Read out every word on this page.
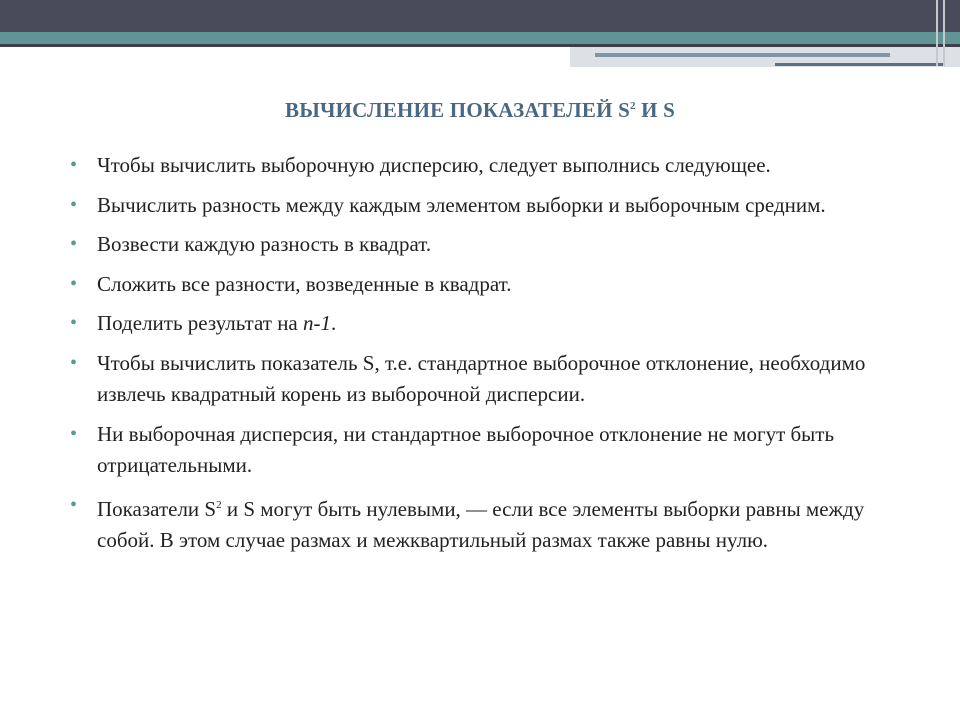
ВЫЧИСЛЕНИЕ ПОКАЗАТЕЛЕЙ $S^2$ И S
• Чтобы вычислить выборочную дисперсию, следует выполнись следующее.
• Вычислить разность между каждым элементом выборки и выборочным средним.
• Возвести каждую разность в квадрат.
• Сложить все разности, возведенные в квадрат.
• Поделить результат на n-1.
• Чтобы вычислить показатель S, т.е. стандартное выборочное отклонение, необходимо извлечь квадратный корень из выборочной дисперсии.
• Ни выборочная дисперсия, ни стандартное выборочное отклонение не могут быть отрицательными.
• Показатели $S^2$ и S могут быть нулевыми, — если все элементы выборки равны между собой. В этом случае размах и межквартильный размах также равны нулю.
